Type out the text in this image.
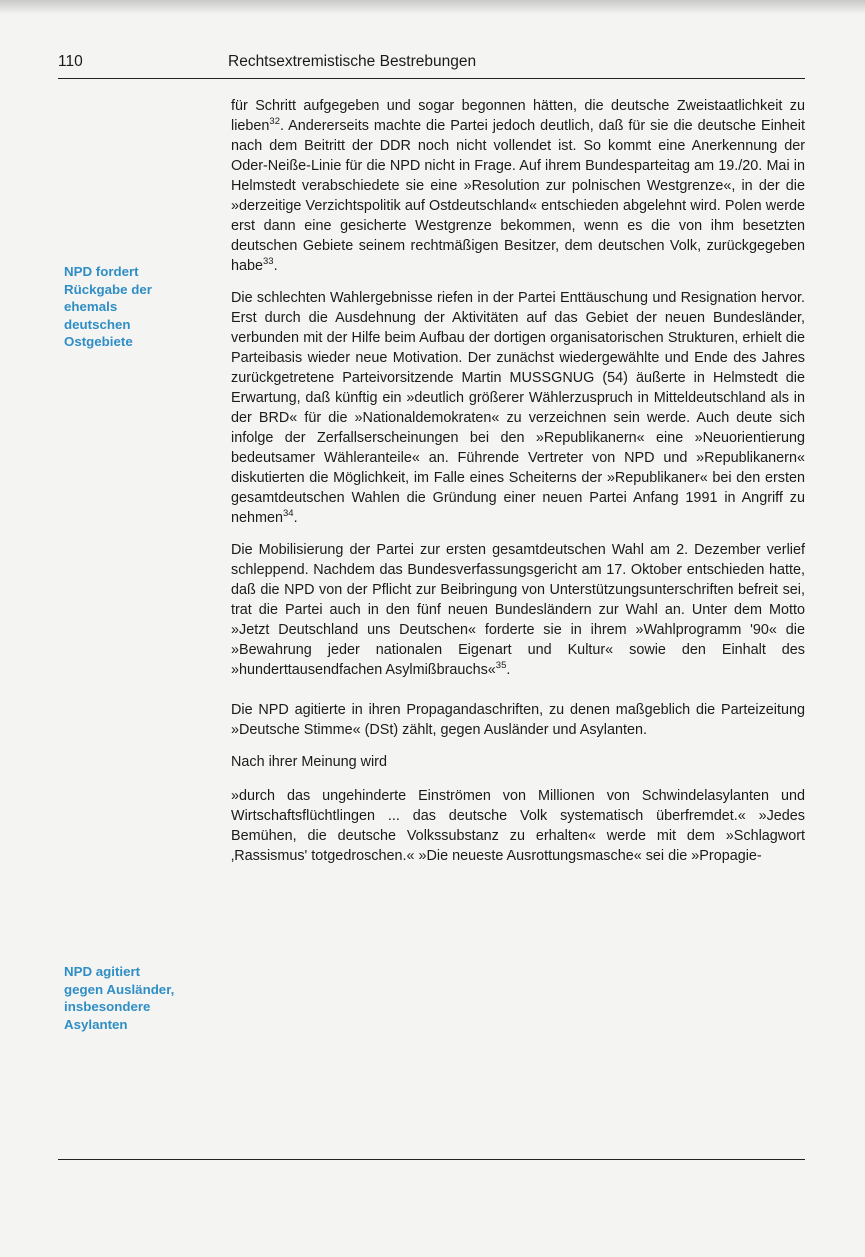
110	Rechtsextremistische Bestrebungen
NPD fordert
Rückgabe der
ehemals
deutschen
Ostgebiete
NPD agitiert
gegen Ausländer,
insbesondere
Asylanten

für Schritt aufgegeben und sogar begonnen hätten, die deutsche Zweistaatlichkeit zu lieben$^{32}$. Andererseits machte die Partei jedoch deutlich, daß für sie die deutsche Einheit nach dem Beitritt der DDR noch nicht vollendet ist. So kommt eine Anerkennung der Oder-Neiße-Linie für die NPD nicht in Frage. Auf ihrem Bundesparteitag am 19./20. Mai in Helmstedt verabschiedete sie eine »Resolution zur polnischen Westgrenze«, in der die »derzeitige Verzichtspolitik auf Ostdeutschland« entschieden abgelehnt wird. Polen werde erst dann eine gesicherte Westgrenze bekommen, wenn es die von ihm besetzten deutschen Gebiete seinem rechtmäßigen Besitzer, dem deutschen Volk, zurückgegeben habe$^{33}$.

Die schlechten Wahlergebnisse riefen in der Partei Enttäuschung und Resignation hervor. Erst durch die Ausdehnung der Aktivitäten auf das Gebiet der neuen Bundesländer, verbunden mit der Hilfe beim Aufbau der dortigen organisatorischen Strukturen, erhielt die Parteibasis wieder neue Motivation. Der zunächst wiedergewählte und Ende des Jahres zurückgetretene Parteivorsitzende Martin MUSSGNUG (54) äußerte in Helmstedt die Erwartung, daß künftig ein »deutlich größerer Wählerzuspruch in Mitteldeutschland als in der BRD« für die »Nationaldemokraten« zu verzeichnen sein werde. Auch deute sich infolge der Zerfallserscheinungen bei den »Republikanern« eine »Neuorientierung bedeutsamer Wähleranteile« an. Führende Vertreter von NPD und »Republikanern« diskutierten die Möglichkeit, im Falle eines Scheiterns der »Republikaner« bei den ersten gesamtdeutschen Wahlen die Gründung einer neuen Partei Anfang 1991 in Angriff zu nehmen$^{34}$.

Die Mobilisierung der Partei zur ersten gesamtdeutschen Wahl am 2. Dezember verlief schleppend. Nachdem das Bundesverfassungsgericht am 17. Oktober entschieden hatte, daß die NPD von der Pflicht zur Beibringung von Unterstützungsunterschriften befreit sei, trat die Partei auch in den fünf neuen Bundesländern zur Wahl an. Unter dem Motto »Jetzt Deutschland uns Deutschen« forderte sie in ihrem »Wahlprogramm '90« die »Bewahrung jeder nationalen Eigenart und Kultur« sowie den Einhalt des »hunderttausendfachen Asylmißbrauchs«$^{35}$.

Die NPD agitierte in ihren Propagandaschriften, zu denen maßgeblich die Parteizeitung »Deutsche Stimme« (DSt) zählt, gegen Ausländer und Asylanten.

Nach ihrer Meinung wird

»durch das ungehinderte Einströmen von Millionen von Schwindelasylanten und Wirtschaftsflüchtlingen ... das deutsche Volk systematisch überfremdet.« »Jedes Bemühen, die deutsche Volkssubstanz zu erhalten« werde mit dem »Schlagwort ‚Rassismus' totgedroschen.« »Die neueste Ausrottungsmasche« sei die »Propagie-
